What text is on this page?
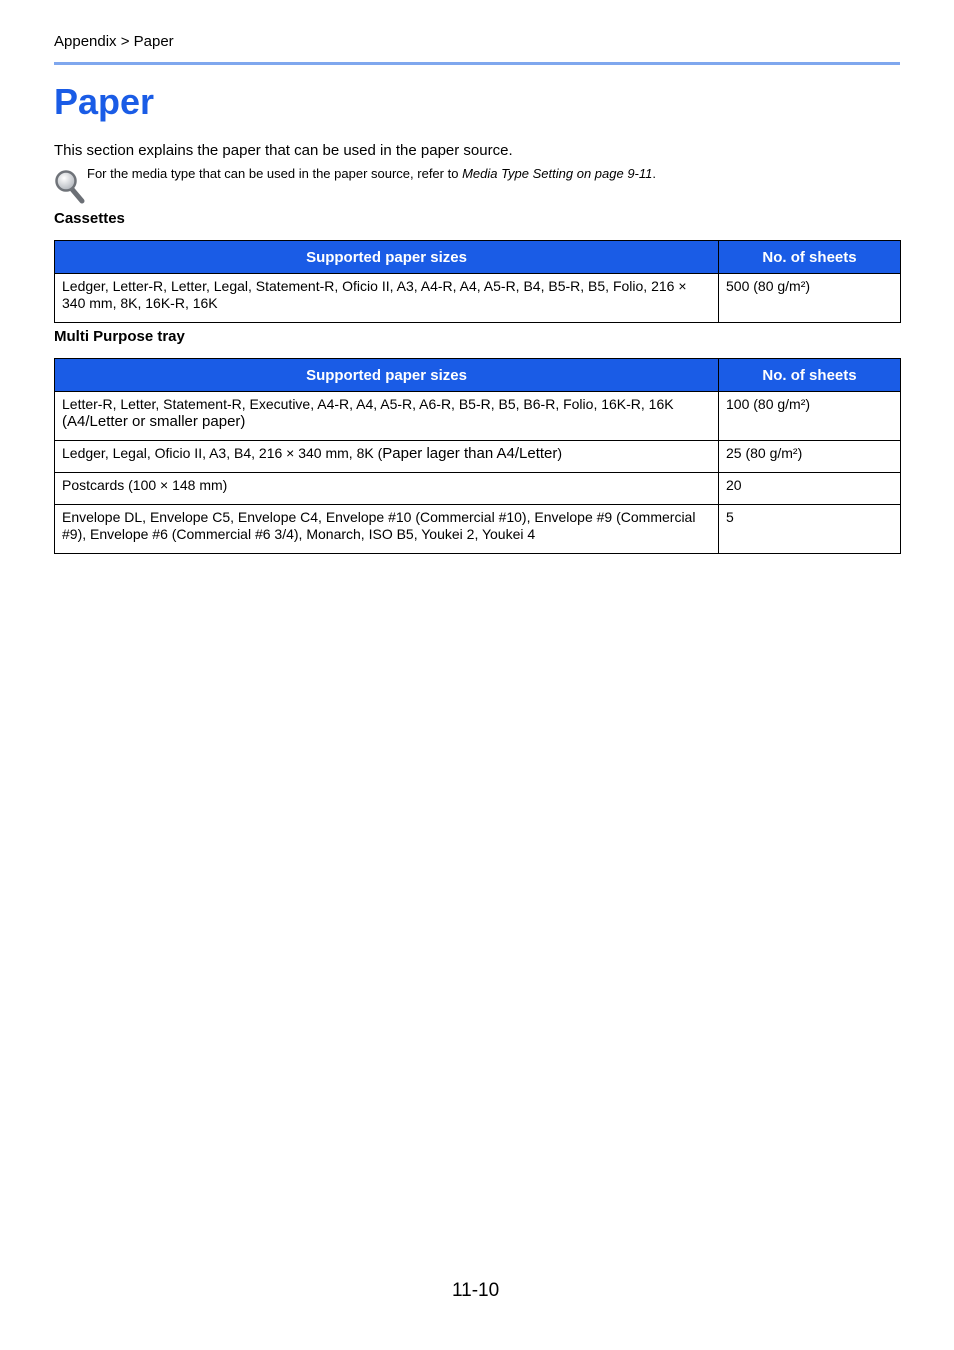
Appendix > Paper
Paper

This section explains the paper that can be used in the paper source.

For the media type that can be used in the paper source, refer to Media Type Setting on page 9-11.
Cassettes
Supported paper sizes	No. of sheets
Ledger, Letter-R, Letter, Legal, Statement-R, Oficio II, A3, A4-R, A4, A5-R, B4, B5-R, B5, Folio, 216 × 340 mm, 8K, 16K-R, 16K	500 (80 g/m²)
Multi Purpose tray
Supported paper sizes	No. of sheets
Letter-R, Letter, Statement-R, Executive, A4-R, A4, A5-R, A6-R, B5-R, B5, B6-R, Folio, 16K-R, 16K
(A4/Letter or smaller paper)	100 (80 g/m²)
Ledger, Legal, Oficio II, A3, B4, 216 × 340 mm, 8K (Paper lager than A4/Letter)	25 (80 g/m²)
Postcards (100 × 148 mm)	20
Envelope DL, Envelope C5, Envelope C4, Envelope #10 (Commercial #10), Envelope #9 (Commercial #9), Envelope #6 (Commercial #6 3/4), Monarch, ISO B5, Youkei 2, Youkei 4	5
11-10
